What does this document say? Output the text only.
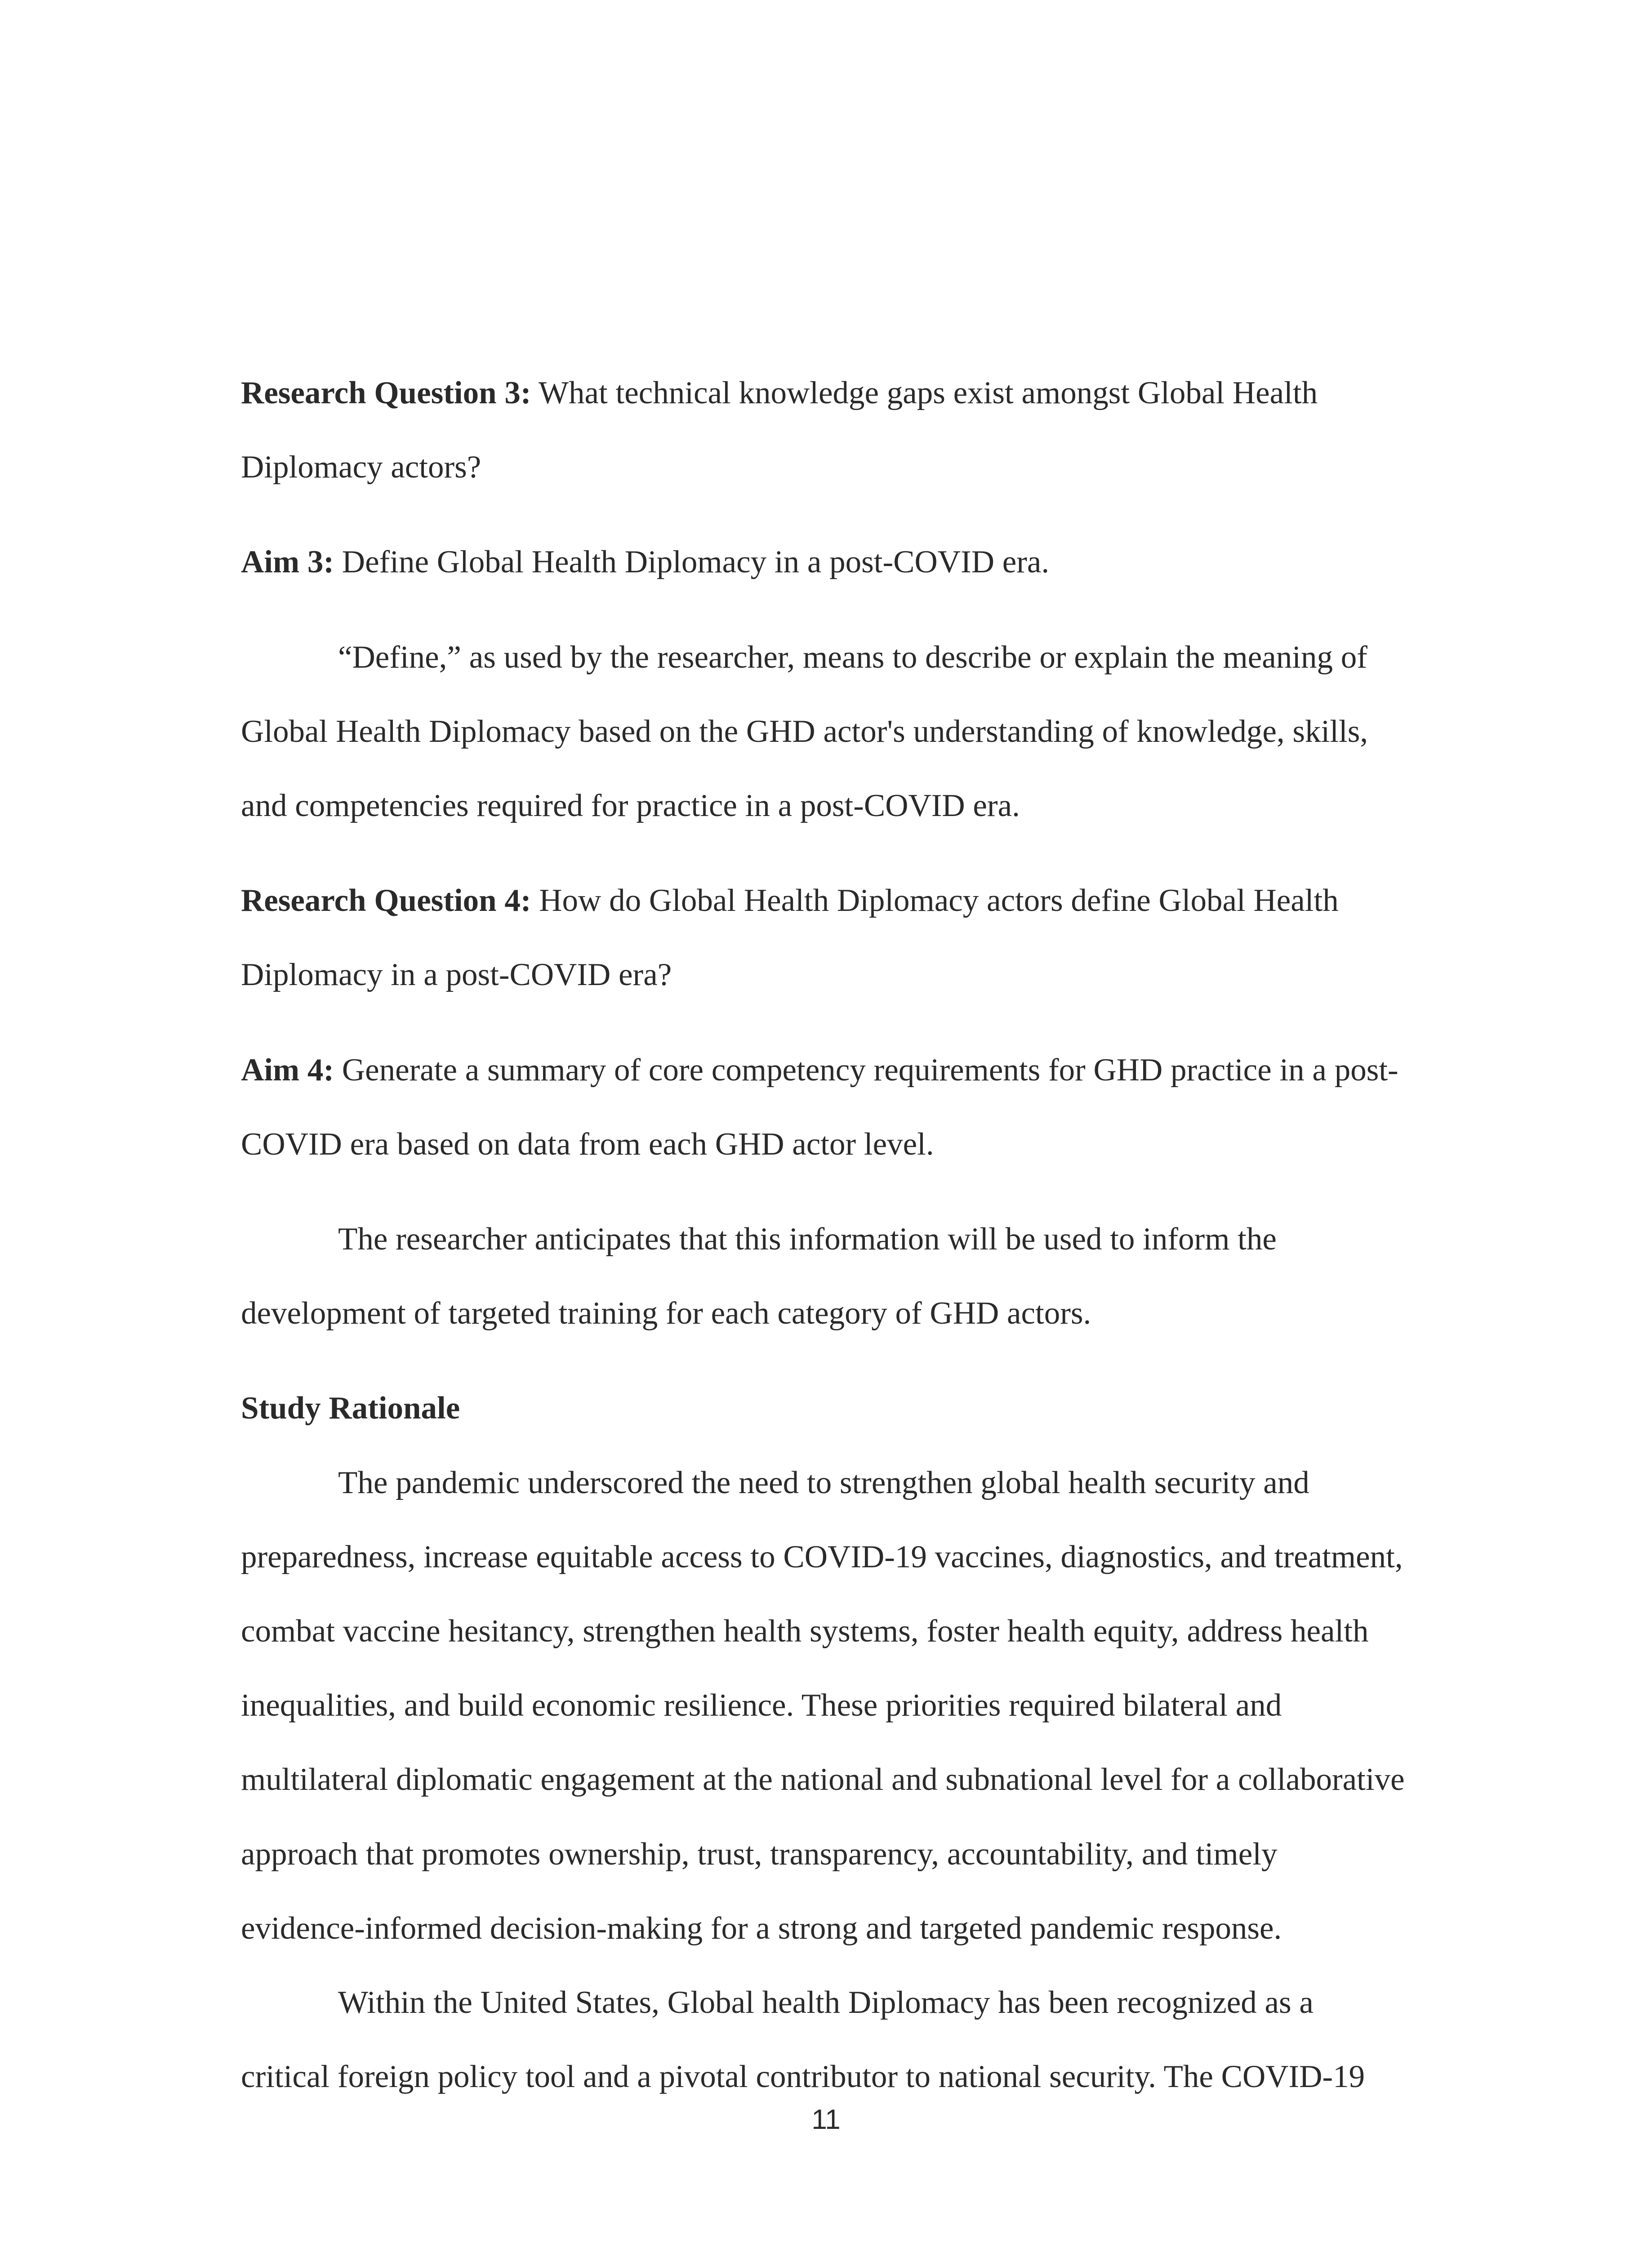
Research Question 3: What technical knowledge gaps exist amongst Global Health Diplomacy actors?

Aim 3: Define Global Health Diplomacy in a post-COVID era.

“Define,” as used by the researcher, means to describe or explain the meaning of Global Health Diplomacy based on the GHD actor's understanding of knowledge, skills, and competencies required for practice in a post-COVID era.

Research Question 4: How do Global Health Diplomacy actors define Global Health Diplomacy in a post-COVID era?

Aim 4: Generate a summary of core competency requirements for GHD practice in a post-COVID era based on data from each GHD actor level.

The researcher anticipates that this information will be used to inform the development of targeted training for each category of GHD actors.

Study Rationale

The pandemic underscored the need to strengthen global health security and preparedness, increase equitable access to COVID-19 vaccines, diagnostics, and treatment, combat vaccine hesitancy, strengthen health systems, foster health equity, address health inequalities, and build economic resilience. These priorities required bilateral and multilateral diplomatic engagement at the national and subnational level for a collaborative approach that promotes ownership, trust, transparency, accountability, and timely evidence-informed decision-making for a strong and targeted pandemic response.

Within the United States, Global health Diplomacy has been recognized as a critical foreign policy tool and a pivotal contributor to national security. The COVID-19

11
